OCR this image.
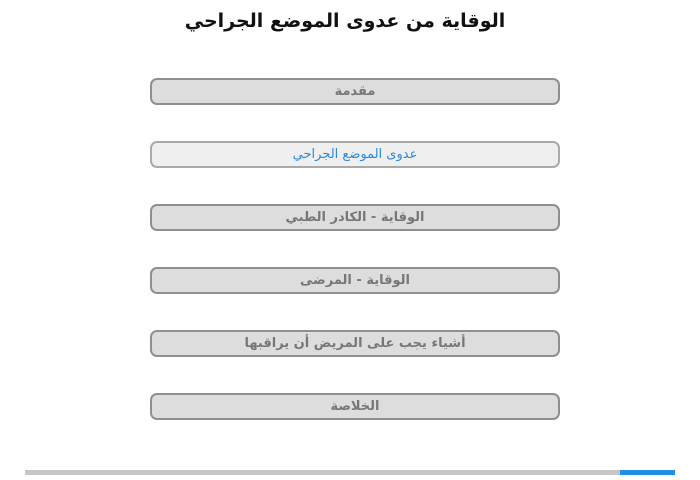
الوقاية من عدوى الموضع الجراحي
مقدمة
عدوى الموضع الجراحي
الوقاية - الكادر الطبي
الوقاية - المرضى
أشياء يجب على المريض أن يراقبها
الخلاصة
